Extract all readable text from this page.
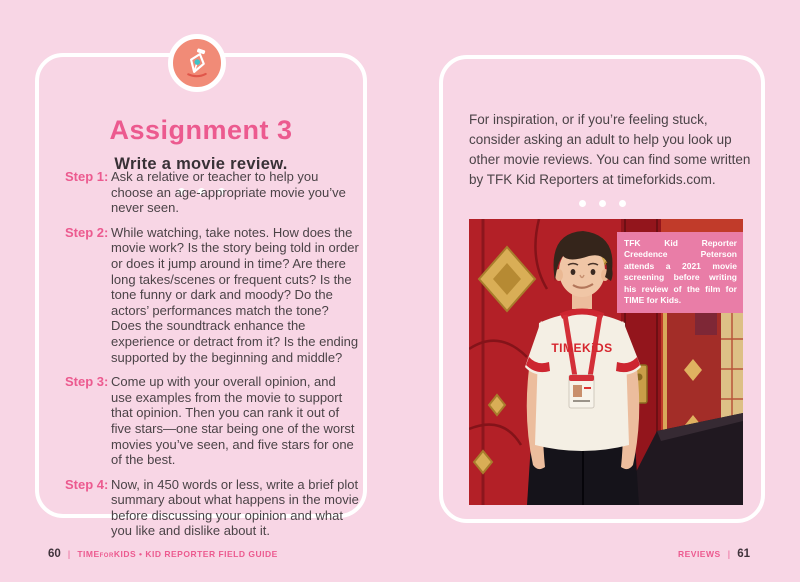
Assignment 3
Write a movie review.
Step 1: Ask a relative or teacher to help you choose an age-appropriate movie you’ve never seen.
Step 2: While watching, take notes. How does the movie work? Is the story being told in order or does it jump around in time? Are there long takes/scenes or frequent cuts? Is the tone funny or dark and moody? Do the actors’ performances match the tone? Does the soundtrack enhance the experience or detract from it? Is the ending supported by the beginning and middle?
Step 3: Come up with your overall opinion, and use examples from the movie to support that opinion. Then you can rank it out of five stars—one star being one of the worst movies you’ve seen, and five stars for one of the best.
Step 4: Now, in 450 words or less, write a brief plot summary about what happens in the movie before discussing your opinion and what you like and dislike about it.
For inspiration, or if you’re feeling stuck, consider asking an adult to help you look up other movie reviews. You can find some written by TFK Kid Reporters at timeforkids.com.
TIMEKiDS
TFK Kid Reporter Creedence Peterson attends a 2021 movie screening before writing his review of the film for TIME for Kids.
60 | TIMEFORKIDS • KID REPORTER FIELD GUIDE	REVIEWS | 61
